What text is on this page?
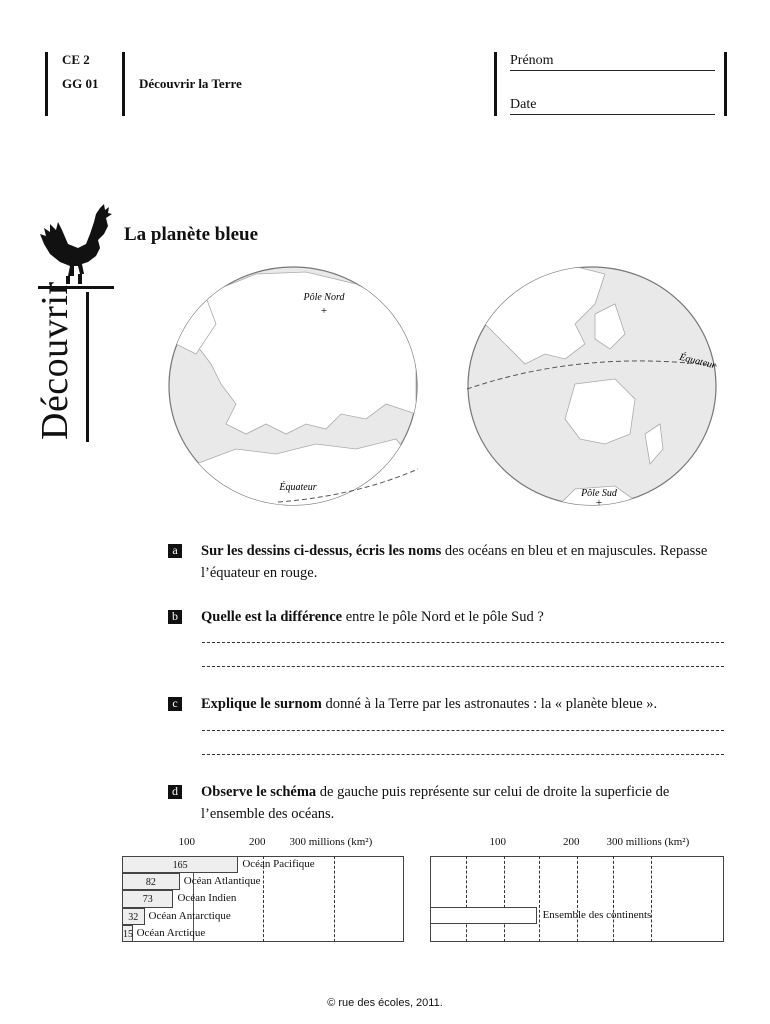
CE 2
GG 01	Découvrir la Terre
Prénom
Date
Découvrir
La planète bleue
Pôle Nord
+
Équateur
Équateur
Pôle Sud
+
a Sur les dessins ci-dessus, écris les noms des océans en bleu et en majuscules. Repasse l’équateur en rouge.
b Quelle est la différence entre le pôle Nord et le pôle Sud ?
c Explique le surnom donné à la Terre par les astronautes : la « planète bleue ».
d Observe le schéma de gauche puis représente sur celui de droite la superficie de l’ensemble des océans.
© rue des écoles, 2011.
100	200 300 millions (km²)
165	Océan Pacifique
82	Océan Atlantique
73	Océan Indien
32 Océan Antarctique
15 Océan Arctique
100	200 300 millions (km²)
Ensemble des continents
